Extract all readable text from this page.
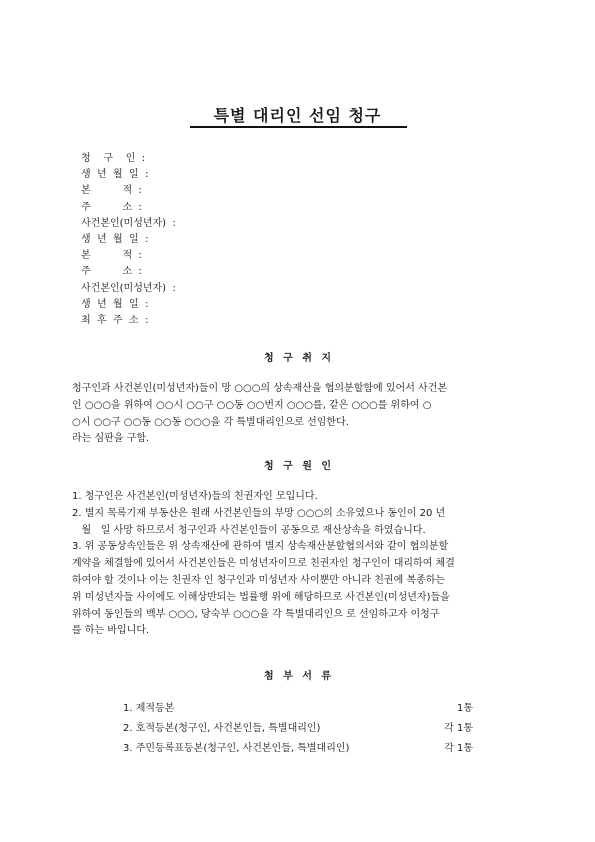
특별 대리인 선임 청구
청    구    인  :
생  년  월  일  :
본          적  :
주          소  :
사건본인(미성년자)  :
생  년  월  일  :
본          적  :
주          소  :
사건본인(미성년자)  :
생  년  월  일  :
최  후  주  소  :
청 구 취 지
청구인과 사건본인(미성년자)들이 망 ○○○의 상속재산을 협의분할함에 있어서 사건본
인 ○○○을 위하여 ○○시 ○○구 ○○동 ○○번지 ○○○를, 같은 ○○○를 위하여 ○
○시 ○○구 ○○동 ○○동 ○○○을 각 특별대리인으로 선임한다.
라는 심판을 구함.
청 구 원 인
1. 청구인은 사건본인(미성년자)들의 친권자인 모입니다.
2. 별지 목록기재 부동산은 원래 사건본인들의 부망 ○○○의 소유였으나 동인이 20 년
월   일 사망 하므로서 청구인과 사건본인들이 공동으로 재산상속을 하였습니다.
3. 위 공동상속인들은 위 상속재산에 관하여 별지 상속재산분할협의서와 같이 협의분할
계약을 체결함에 있어서 사건본인들은 미성년자이므로 친권자인 청구인이 대리하여 체결
하여야 할 것이나 이는 친권자 인 청구인과 미성년자 사이뿐만 아니라 친권에 복종하는
위 미성년자들 사이에도 이해상반되는 법률행 위에 해당하므로 사건본인(미성년자)들을
위하여 동인들의 백부 ○○○, 당숙부 ○○○을 각 특별대리인으 로 선임하고자 이청구
를 하는 바입니다.
첨 부 서 류
1. 제적등본	1통
2. 호적등본(청구인, 사건본인들, 특별대리인)	각 1통
3. 주민등록표등본(청구인, 사건본인들, 특별대리인)	각 1통
